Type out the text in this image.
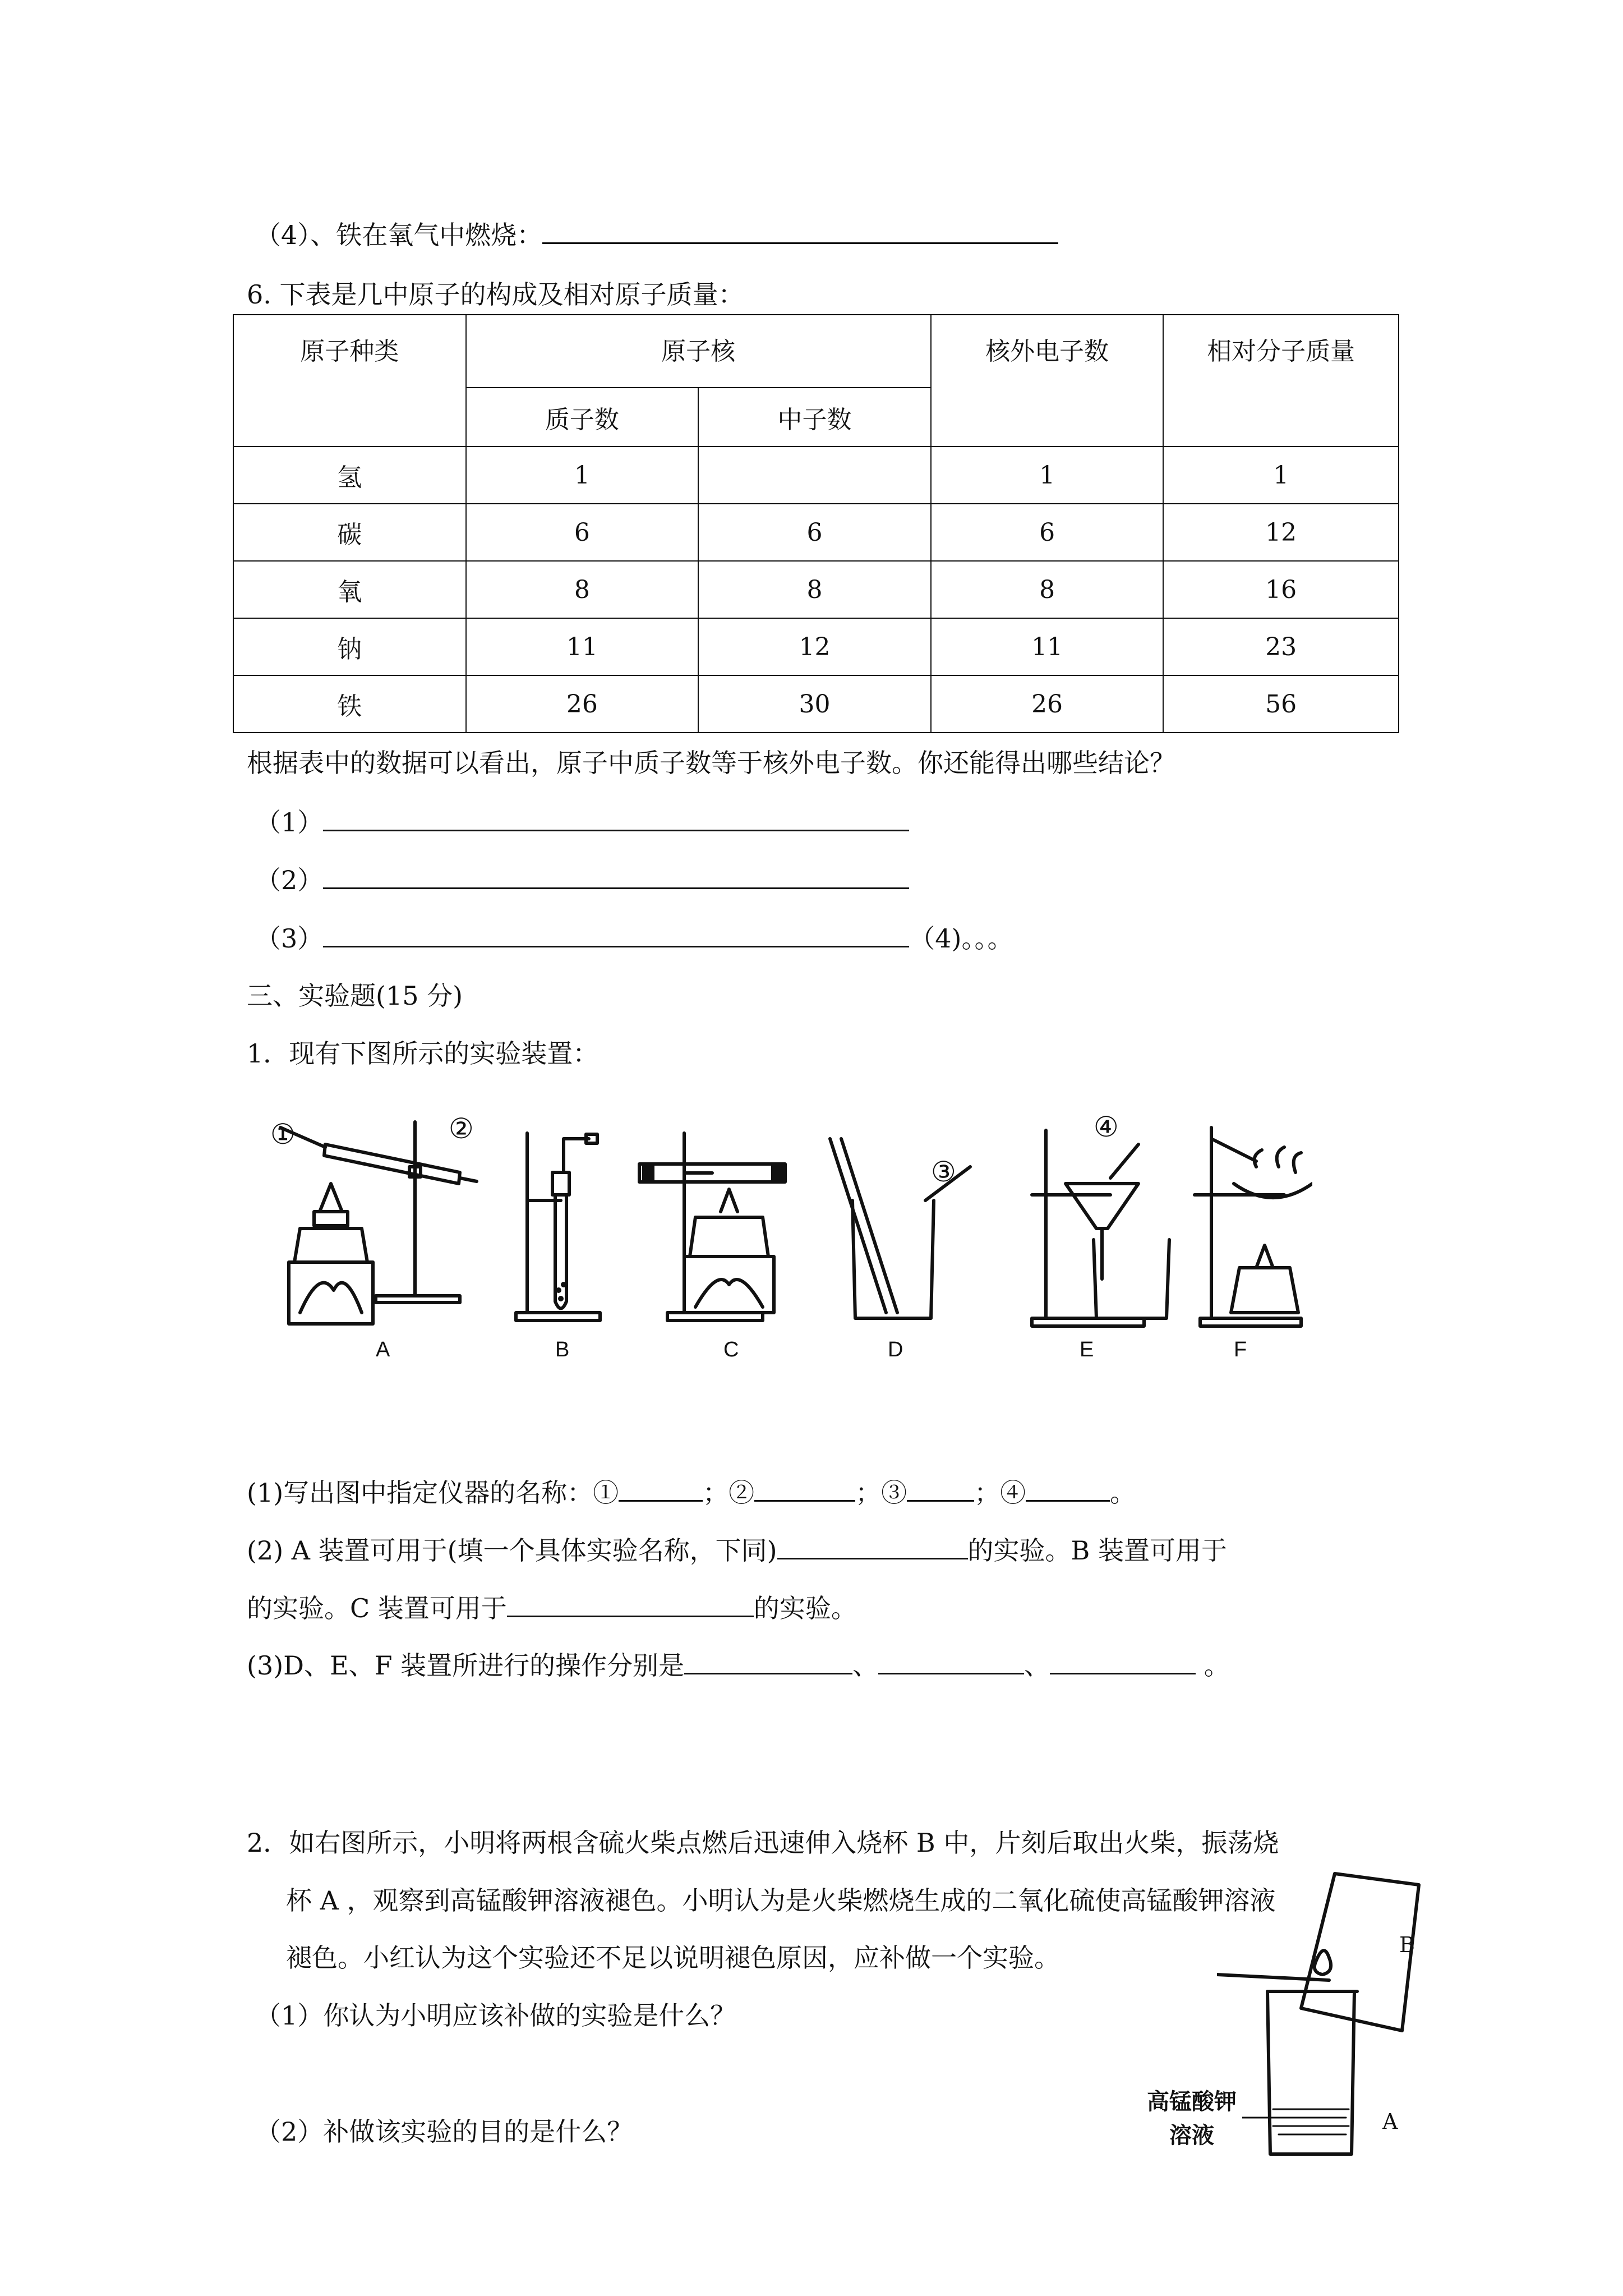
（4）、铁在氧气中燃烧：
6. 下表是几中原子的构成及相对原子质量：
原子种类	原子核		核外电子数	相对分子质量
	质子数	中子数		
氢	1		1	1
碳	6	6	6	12
氧	8	8	8	16
钠	11	12	11	23
铁	26	30	26	56
根据表中的数据可以看出，原子中质子数等于核外电子数。你还能得出哪些结论？
（1）
（2）
（3）	（4)。。。
三、实验题(15 分)
1．现有下图所示的实验装置：
①	②
③
④
A	B	C	D	E	F
(1)写出图中指定仪器的名称：①	；②	；③	；④	。
(2) A 装置可用于(填一个具体实验名称，下同)	的实验。B 装置可用于
的实验。C 装置可用于	的实验。
(3)D、E、F 装置所进行的操作分别是	、	、	。
2．如右图所示，小明将两根含硫火柴点燃后迅速伸入烧杯 B 中，片刻后取出火柴，振荡烧
杯 A ，观察到高锰酸钾溶液褪色。小明认为是火柴燃烧生成的二氧化硫使高锰酸钾溶液
褪色。小红认为这个实验还不足以说明褪色原因，应补做一个实验。
（1）你认为小明应该补做的实验是什么？
（2）补做该实验的目的是什么？
B
A
高锰酸钾
溶液
